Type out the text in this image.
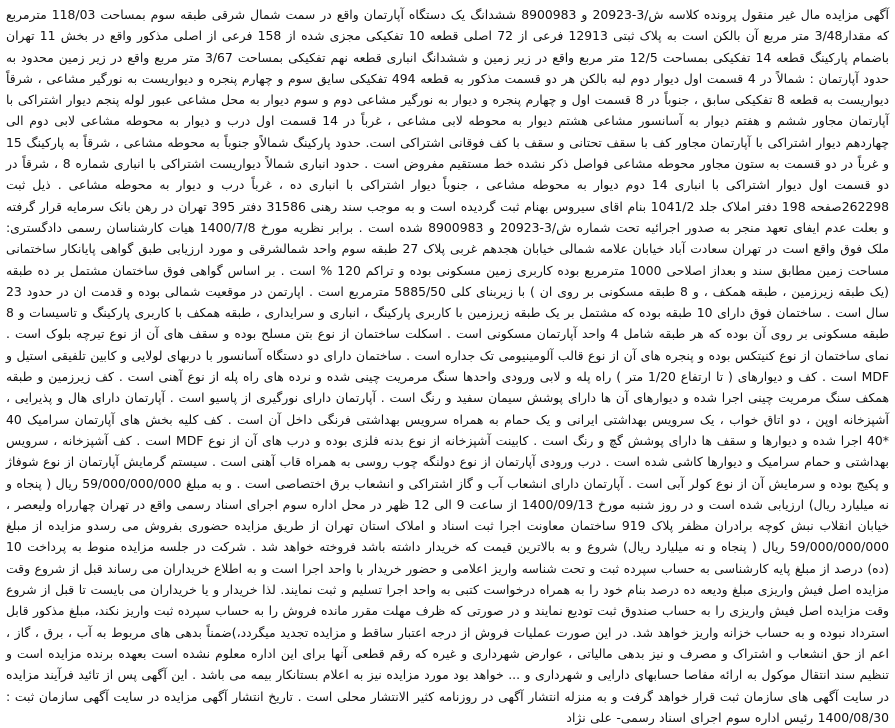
آگهی مزایده مال غیر منقول پرونده کلاسه ش/3-20923 و 8900983 ششدانگ یک دستگاه آپارتمان واقع در سمت شمال شرقی طبقه سوم بمساحت 118/03 مترمربع که مقدار3/48 متر مربع آن بالکن است به پلاک ثبتی 12913 فرعی از 72 اصلی قطعه 10 تفکیکی مجزی شده از 158 فرعی از اصلی مذکور واقع در بخش 11 تهران باضمام پارکینگ قطعه 14 تفکیکی بمساحت 12/5 متر مربع واقع در زیر زمین و ششدانگ انباری قطعه نهم تفکیکی بمساحت 3/67 متر مربع واقع در زیر زمین محدود به حدود آپارتمان : شمالاً در 4 قسمت اول دیوار دوم لبه بالکن هر دو قسمت مذکور به قطعه 494 تفکیکی سایق سوم و چهارم پنجره و دیواریست به نورگیر مشاعی ، شرقاً دیواریست به قطعه 8 تفکیکی سابق ، جنوباً در 8 قسمت اول و چهارم پنجره و دیوار به نورگیر مشاعی دوم و سوم دیوار به محل مشاعی عبور لوله پنجم دیوار اشتراکی با آپارتمان مجاور ششم و هفتم دیوار به آسانسور مشاعی هشتم دیوار به محوطه لابی مشاعی ، غرباً در 14 قسمت اول درب و دیوار به محوطه مشاعی لابی دوم الی چهاردهم دیوار اشتراکی با آپارتمان مجاور کف با سقف تحتانی و سقف با کف فوقانی اشتراکی است. حدود پارکینگ شمالاًو جنوباً به محوطه مشاعی ، شرقاً به پارکینگ 15 و غرباً در دو قسمت به ستون مجاور محوطه مشاعی فواصل ذکر نشده خط مستقیم مفروض است . حدود انباری شمالاً دیواریست اشتراکی با انباری شماره 8 ، شرقاً در دو قسمت اول دیوار اشتراکی با انباری 14 دوم دیوار به محوطه مشاعی ، جنوباً دیوار اشتراکی با انباری ده ، غرباً درب و دیوار به محوطه مشاعی . ذیل ثبت 262298صفحه 198 دفتر املاک جلد 1041/2 بنام اقای سیروس بهنام ثبت گردیده است و به موجب سند رهنی 31586 دفتر 395 تهران در رهن بانک سرمایه قرار گرفته و بعلت عدم ایفای تعهد منجر به صدور اجرائیه تحت شماره ش/3-20923 و 8900983 شده است . برابر نظریه مورخ 1400/7/8 هیات کارشناسان رسمی دادگستری: ملک فوق واقع است در تهران سعادت آباد خیابان علامه شمالی خیابان هجدهم غربی پلاک 27 طبقه سوم واحد شمالشرقی و مورد ارزیابی طبق گواهی پایانکار ساختمانی مساحت زمین مطابق سند و بعداز اصلاحی 1000 مترمربع بوده کاربری زمین مسکونی بوده و تراکم 120 % است . بر اساس گواهی فوق ساختمان مشتمل بر ده طبقه (یک طبقه زیرزمین ، طبقه همکف ، و 8 طبقه مسکونی بر روی ان ) با زیربنای کلی 5885/50 مترمربع است . اپارتمن در موقعیت شمالی بوده و قدمت ان در حدود 23 سال است . ساختمان فوق دارای 10 طبقه بوده که مشتمل بر یک طبقه زیرزمین با کاربری پارکینگ ، انباری و سرایداری ، طبقه همکف با کاربری پارکینگ و تاسیسات و 8 طبقه مسکونی بر روی آن بوده که هر طبقه شامل 4 واحد آپارتمان مسکونی است . اسکلت ساختمان از نوع بتن مسلح بوده و سقف های آن از نوع تیرچه بلوک است . نمای ساختمان از نوع کنیتکس بوده و پنجره های آن از نوع قالب آلومینیومی تک جداره است . ساختمان دارای دو دستگاه آسانسور با دربهای لولایی و کابین تلفیقی استیل و MDF است . کف و دیوارهای ( تا ارتفاع 1/20 متر ) راه پله و لابی ورودی واحدها سنگ مرمریت چینی شده و نرده های راه پله از نوع آهنی است . کف زیرزمین و طبقه همکف سنگ مرمریت چینی اجرا شده و دیوارهای آن ها دارای پوشش سیمان سفید و رنگ است . آپارتمان دارای نورگیری از پاسیو است . آپارتمان دارای هال و پذیرایی ، آشپزخانه اوپن ، دو اتاق خواب ، یک سرویس بهداشتی ایرانی و یک حمام به همراه سرویس بهداشتی فرنگی داخل آن است . کف کلیه بخش های آپارتمان سرامیک 40 *40 اجرا شده و دیوارها و سقف ها دارای پوشش گچ و رنگ است . کابینت آشپزخانه از نوع بدنه فلزی بوده و درب های آن از نوع MDF است . کف آشپزخانه ، سرویس بهداشتی و حمام سرامیک و دیوارها کاشی شده است . درب ورودی آپارتمان از نوع دولنگه چوب روسی به همراه قاب آهنی است . سیستم گرمایش آپارتمان از نوع شوفاژ و پکیج بوده و سرمایش آن از نوع کولر آبی است . آپارتمان دارای انشعاب آب و گاز اشتراکی و انشعاب برق اختصاصی است . و به مبلغ 59/000/000/000 ریال ( پنجاه و نه میلیارد ریال) ارزیابی شده است و در روز شنبه مورخ 1400/09/13 از ساعت 9 الی 12 ظهر در محل اداره سوم اجرای اسناد رسمی واقع در تهران چهارراه ولیعصر ، خیابان انقلاب نبش کوچه برادران مظفر پلاک 919 ساختمان معاونت اجرا ثبت اسناد و املاک استان تهران از طریق مزایده حضوری بفروش می رسدو مزایده از مبلغ 59/000/000/000 ریال ( پنجاه و نه میلیارد ریال) شروع و به بالاترین قیمت که خریدار داشته باشد فروخته خواهد شد . شرکت در جلسه مزایده منوط به پرداخت 10 (ده) درصد از مبلغ پایه کارشناسی به حساب سپرده ثبت و تحت شناسه واریز اعلامی و حضور خریدار با واحد اجرا است و به اطلاع خریداران می رساند قبل از شروع وقت مزایده اصل فیش واریزی مبلغ ودیعه ده درصد بنام خود را به همراه درخواست کتبی به واحد اجرا تسلیم و ثبت نمایند. لذا خریدار و یا خریداران می بایست تا قبل از شروع وقت مزایده اصل فیش واریزی را به حساب صندوق ثبت تودیع نمایند و در صورتی که ظرف مهلت مقرر مانده فروش را به حساب سپرده ثبت واریز نکند، مبلغ مذکور قابل استرداد نبوده و به حساب خزانه واریز خواهد شد. در این صورت عملیات فروش از درجه اعتبار ساقط و مزایده تجدید میگردد،)ضمناً بدهی های مربوط به آب ، برق ، گاز ، اعم از حق انشعاب و اشتراک و مصرف و نیز بدهی مالیاتی ، عوارض شهرداری و غیره که رقم قطعی آنها برای این اداره معلوم نشده است بعهده برنده مزایده است و تنظیم سند انتقال موکول به ارائه مفاصا حسابهای دارایی و شهرداری و ... خواهد بود مورد مزایده نیز به اعلام بستانکار بیمه می باشد . این آگهی پس از تائید فرآیند مزایده در سایت آگهی های سازمان ثبت قرار خواهد گرفت و به منزله انتشار آگهی در روزنامه کثیر الانتشار محلی است . تاریخ انتشار آگهی مزایده در سایت آگهی سازمان ثبت : 1400/08/30 رئیس اداره سوم اجرای اسناد رسمی- علی نژاد
